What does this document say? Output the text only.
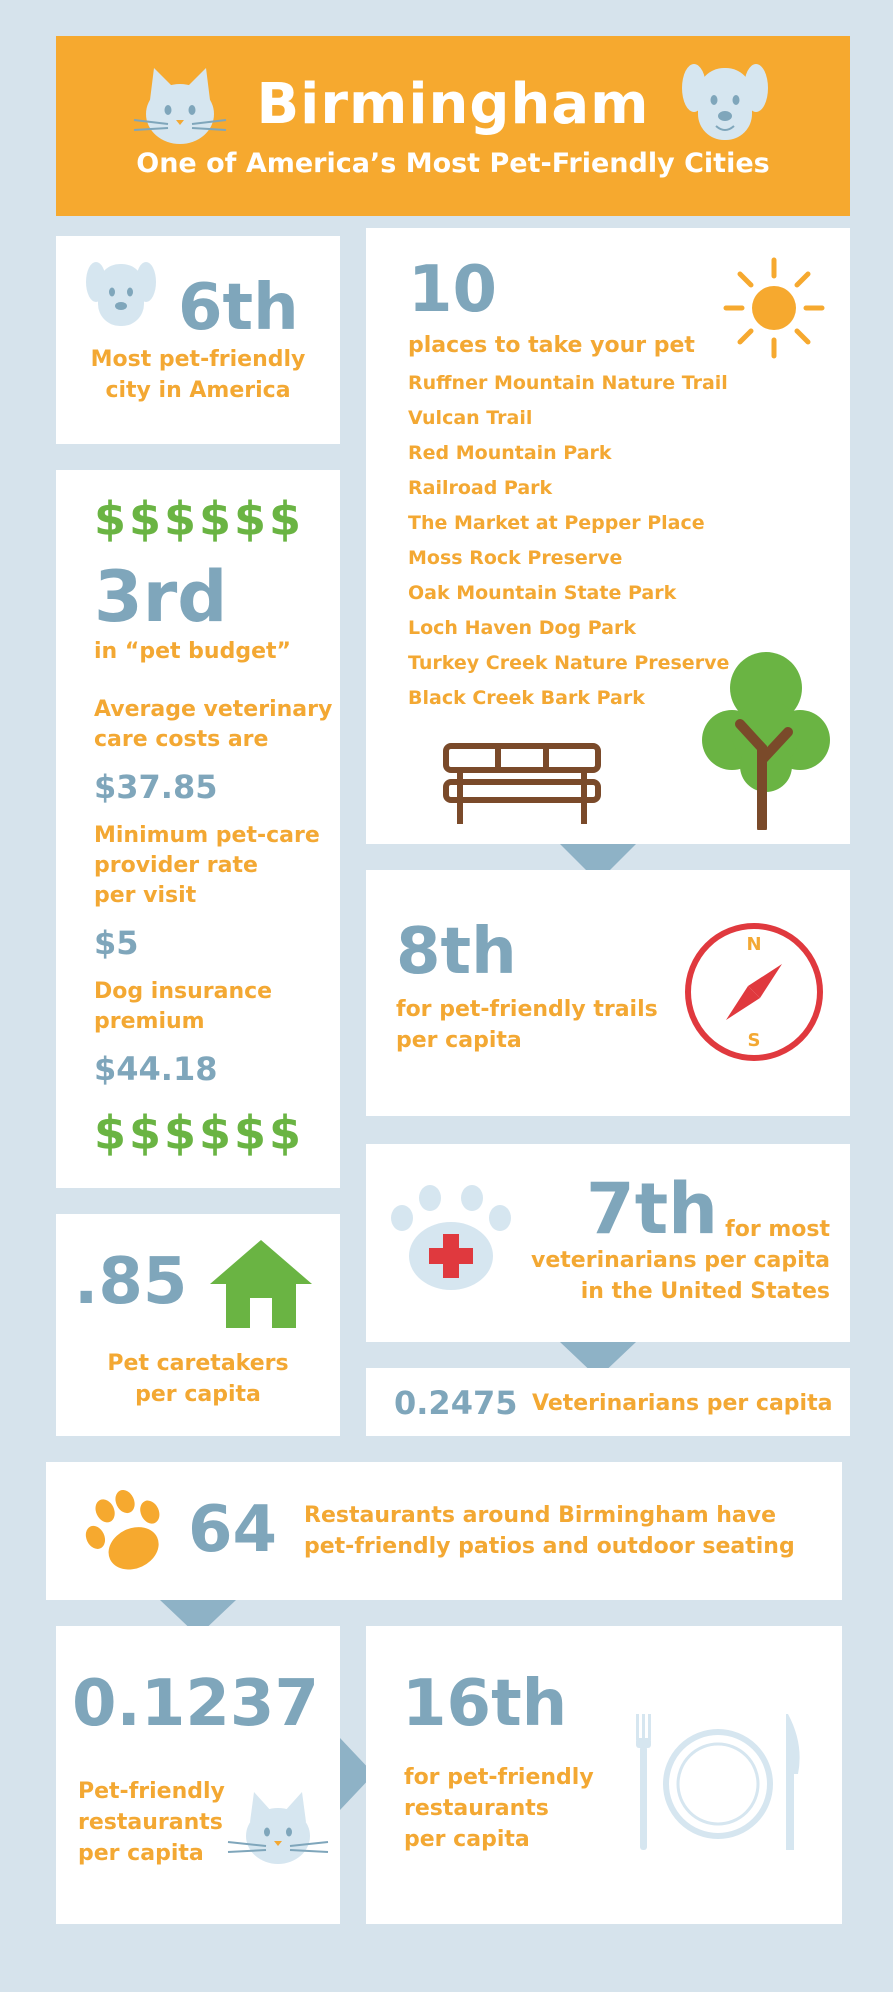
Birmingham
One of America’s Most Pet-Friendly Cities
6th
Most pet-friendly
city in America
10
places to take your pet
Ruffner Mountain Nature Trail
Vulcan Trail
Red Mountain Park
Railroad Park
The Market at Pepper Place
Moss Rock Preserve
Oak Mountain State Park
Loch Haven Dog Park
Turkey Creek Nature Preserve
Black Creek Bark Park
$$$$$$
3rd
in “pet budget”
Average veterinary
care costs are
$37.85
Minimum pet-care
provider rate
per visit
$5
Dog insurance
premium
$44.18
$$$$$$
8th
for pet-friendly trails
per capita
N
S
.85
Pet caretakers
per capita
7th for most
veterinarians per capita
in the United States
0.2475 Veterinarians per capita
64 Restaurants around Birmingham have
pet-friendly patios and outdoor seating
0.1237
Pet-friendly
restaurants
per capita
16th
for pet-friendly
restaurants
per capita
